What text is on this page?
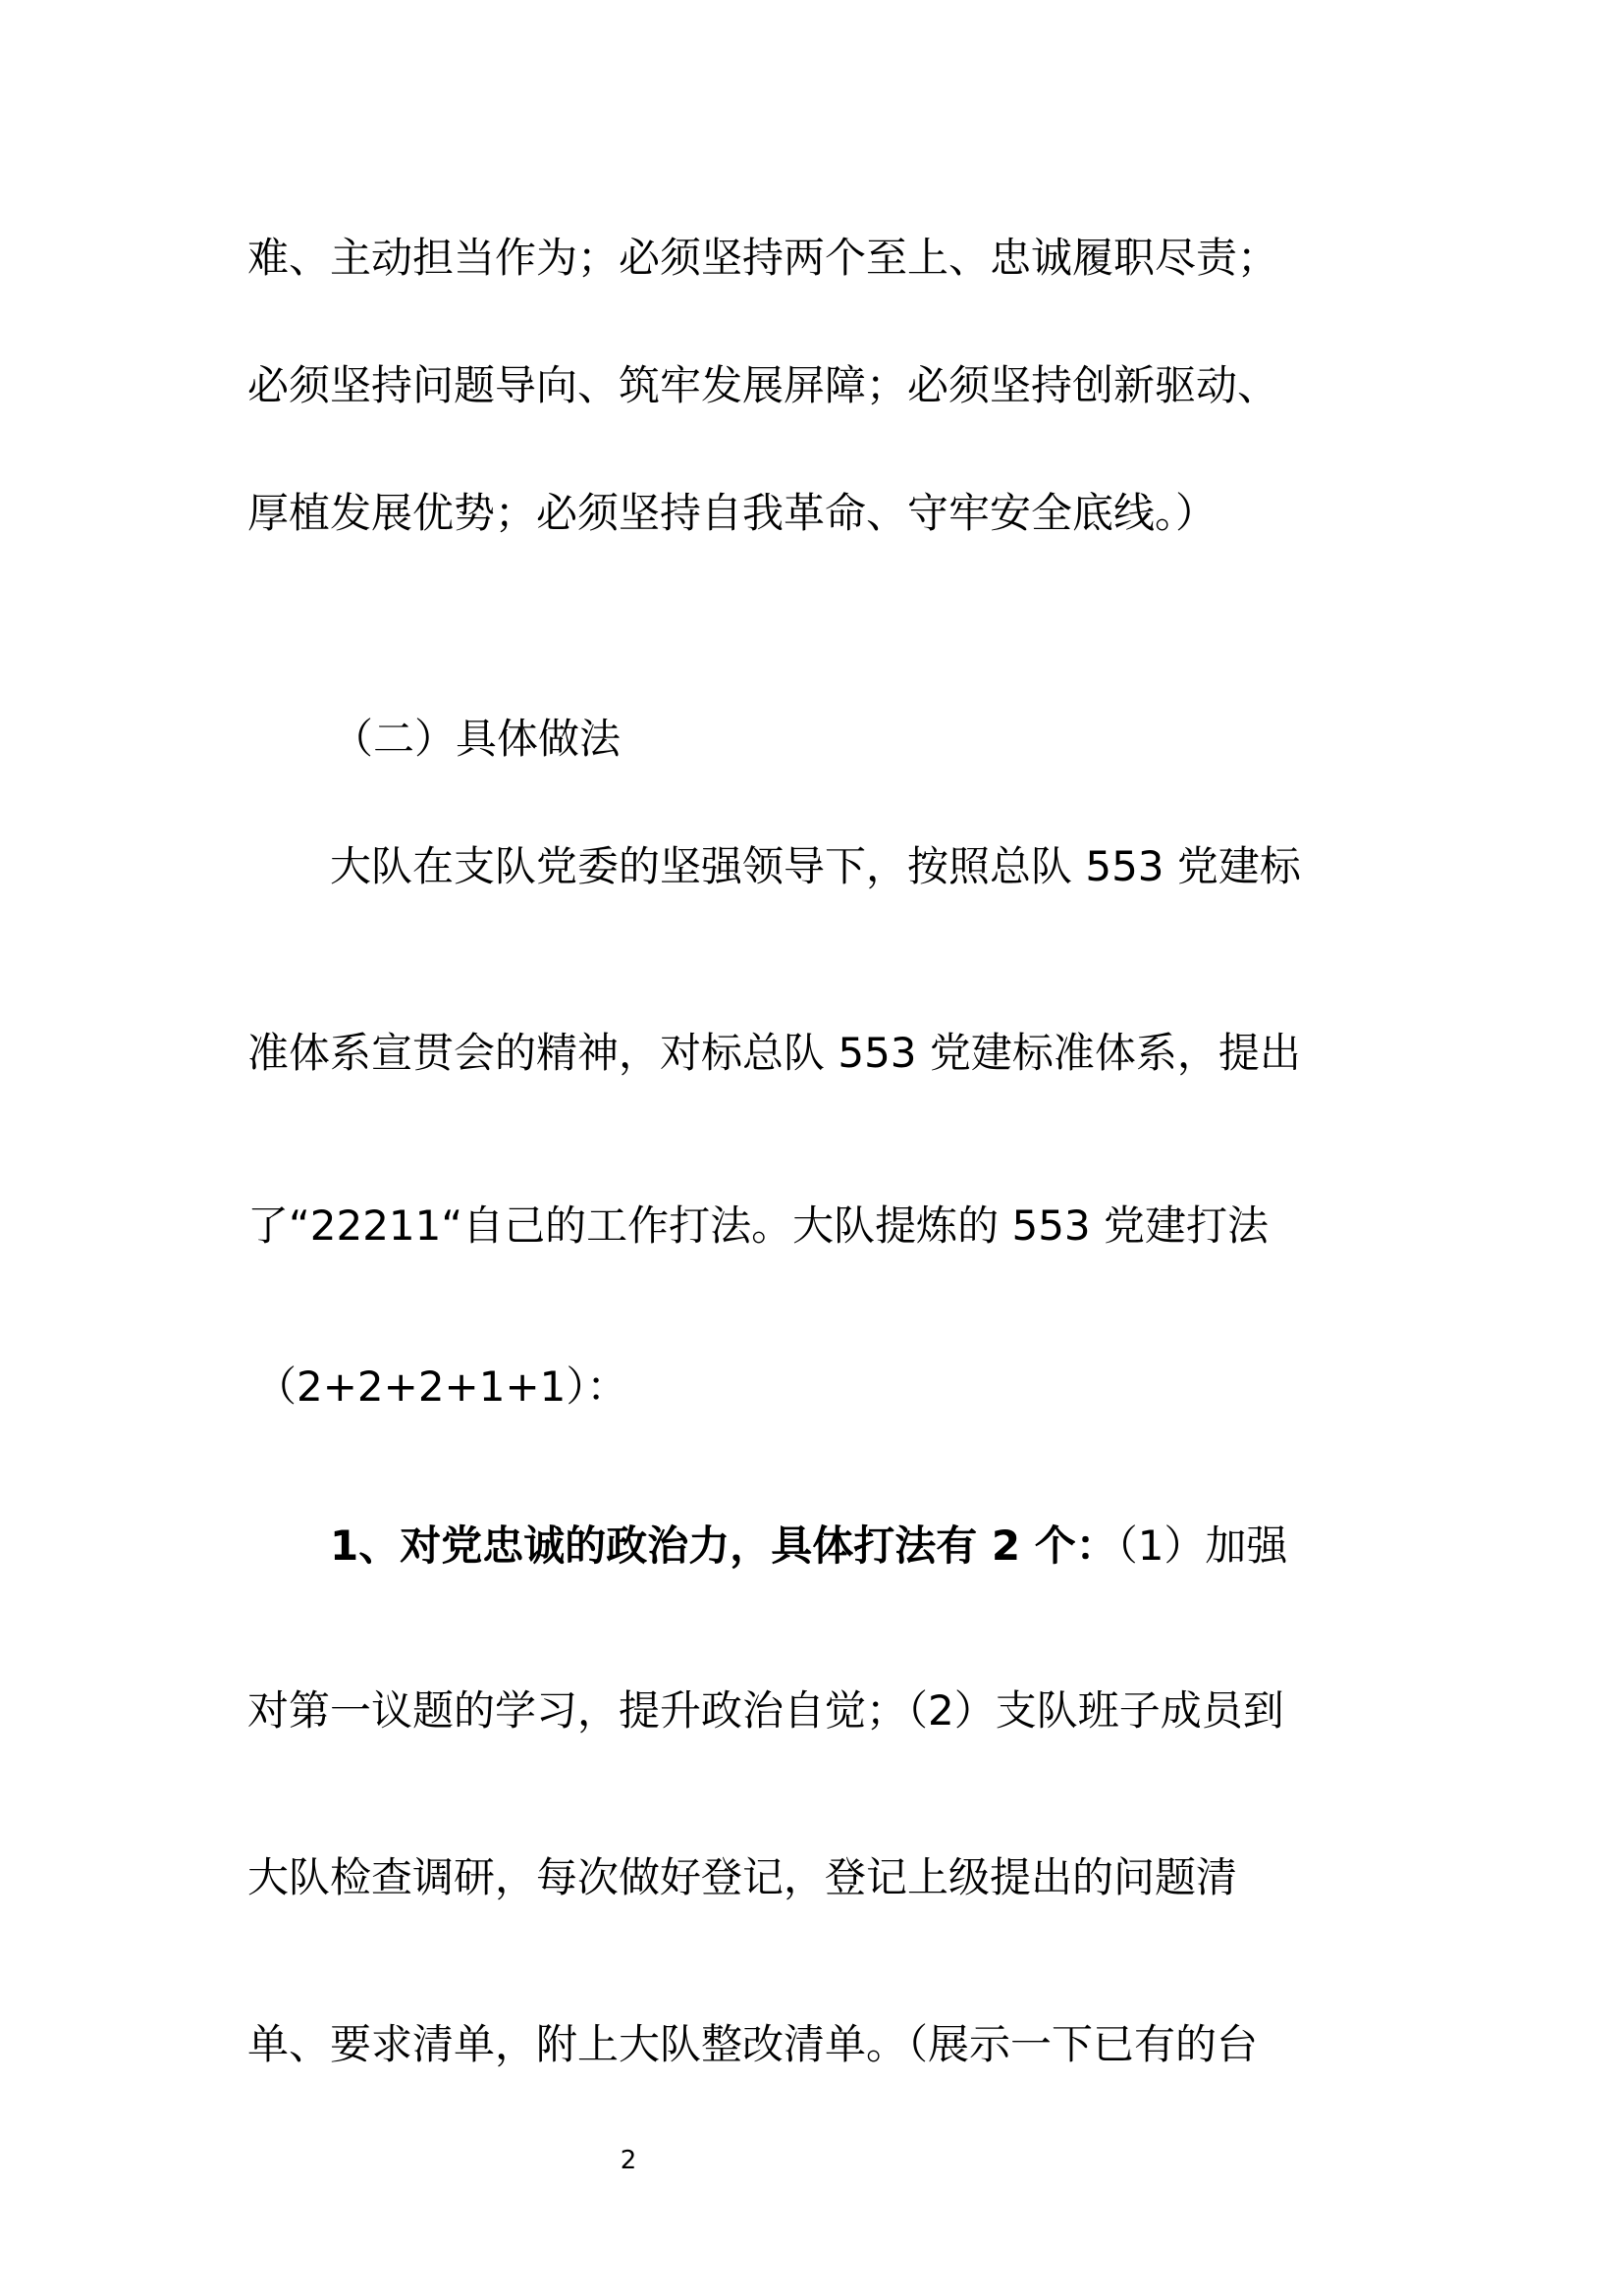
难、主动担当作为；必须坚持两个至上、忠诚履职尽责；
必须坚持问题导向、筑牢发展屏障；必须坚持创新驱动、
厚植发展优势；必须坚持自我革命、守牢安全底线。）
（二）具体做法
大队在支队党委的坚强领导下，按照总队 553 党建标
准体系宣贯会的精神，对标总队 553 党建标准体系，提出
了“22211“自己的工作打法。大队提炼的 553 党建打法
（2+2+2+1+1）：
1、对党忠诚的政治力，具体打法有 2 个：（1）加强
对第一议题的学习，提升政治自觉；（2）支队班子成员到
大队检查调研，每次做好登记，登记上级提出的问题清
单、要求清单，附上大队整改清单。（展示一下已有的台
2
